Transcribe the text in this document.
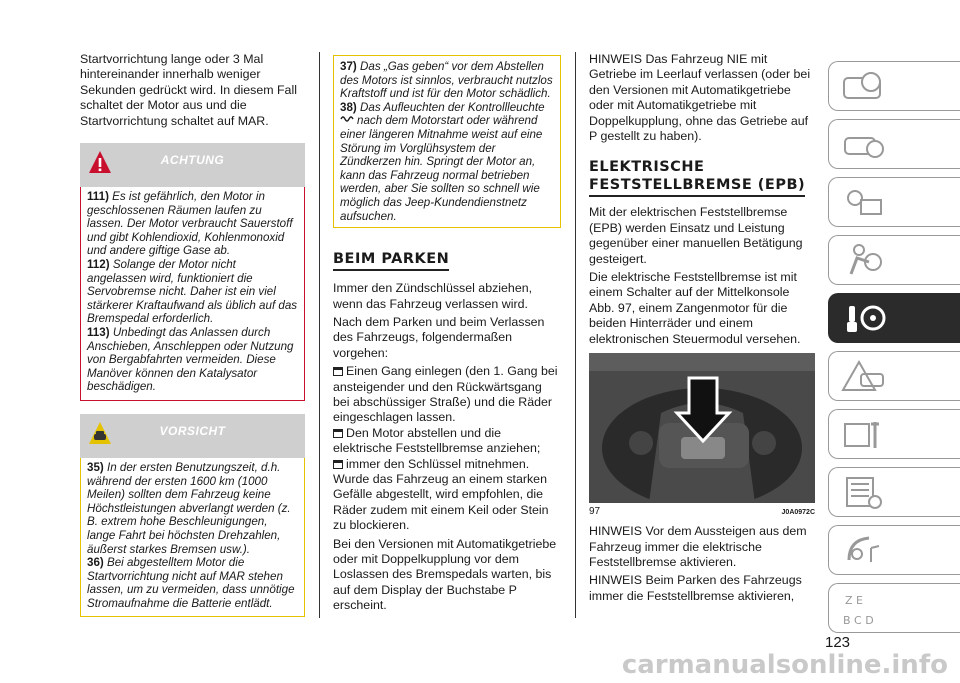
Startvorrichtung lange oder 3 Mal hintereinander innerhalb weniger Sekunden gedrückt wird. In diesem Fall schaltet der Motor aus und die Startvorrichtung schaltet auf MAR.

ACHTUNG
111) Es ist gefährlich, den Motor in geschlossenen Räumen laufen zu lassen. Der Motor verbraucht Sauerstoff und gibt Kohlendioxid, Kohlenmonoxid und andere giftige Gase ab.
112) Solange der Motor nicht angelassen wird, funktioniert die Servobremse nicht. Daher ist ein viel stärkerer Kraftaufwand als üblich auf das Bremspedal erforderlich.
113) Unbedingt das Anlassen durch Anschieben, Anschleppen oder Nutzung von Bergabfahrten vermeiden. Diese Manöver können den Katalysator beschädigen.
VORSICHT
35) In der ersten Benutzungszeit, d.h. während der ersten 1600 km (1000 Meilen) sollten dem Fahrzeug keine Höchstleistungen abverlangt werden (z. B. extrem hohe Beschleunigungen, lange Fahrt bei höchsten Drehzahlen, äußerst starkes Bremsen usw.).
36) Bei abgestelltem Motor die Startvorrichtung nicht auf MAR stehen lassen, um zu vermeiden, dass unnötige Stromaufnahme die Batterie entlädt.
37) Das „Gas geben“ vor dem Abstellen des Motors ist sinnlos, verbraucht nutzlos Kraftstoff und ist für den Motor schädlich.
38) Das Aufleuchten der Kontrollleuchte
nach dem Motorstart oder während einer längeren Mitnahme weist auf eine Störung im Vorglühsystem der Zündkerzen hin. Springt der Motor an, kann das Fahrzeug normal betrieben werden, aber Sie sollten so schnell wie möglich das Jeep-Kundendienstnetz aufsuchen.
BEIM PARKEN

Immer den Zündschlüssel abziehen, wenn das Fahrzeug verlassen wird.

Nach dem Parken und beim Verlassen des Fahrzeugs, folgendermaßen vorgehen:

Einen Gang einlegen (den 1. Gang bei ansteigender und den Rückwärtsgang bei abschüssiger Straße) und die Räder eingeschlagen lassen.
Den Motor abstellen und die elektrische Feststellbremse anziehen;
immer den Schlüssel mitnehmen.

Wurde das Fahrzeug an einem starken Gefälle abgestellt, wird empfohlen, die Räder zudem mit einem Keil oder Stein zu blockieren.

Bei den Versionen mit Automatikgetriebe oder mit Doppelkupplung vor dem Loslassen des Bremspedals warten, bis auf dem Display der Buchstabe P erscheint.

HINWEIS Das Fahrzeug NIE mit Getriebe im Leerlauf verlassen (oder bei den Versionen mit Automatikgetriebe oder mit Automatikgetriebe mit Doppelkupplung, ohne das Getriebe auf P gestellt zu haben).

ELEKTRISCHE
FESTSTELLBREMSE (EPB)

Mit der elektrischen Feststellbremse (EPB) werden Einsatz und Leistung gegenüber einer manuellen Betätigung gesteigert.

Die elektrische Feststellbremse ist mit einem Schalter auf der Mittelkonsole Abb. 97, einem Zangenmotor für die beiden Hinterräder und einem elektronischen Steuermodul versehen.

97	J0A0972C

HINWEIS Vor dem Aussteigen aus dem Fahrzeug immer die elektrische Feststellbremse aktivieren.

HINWEIS Beim Parken des Fahrzeugs immer die Feststellbremse aktivieren,	Z E
B C D
123
carmanualsonline.info
